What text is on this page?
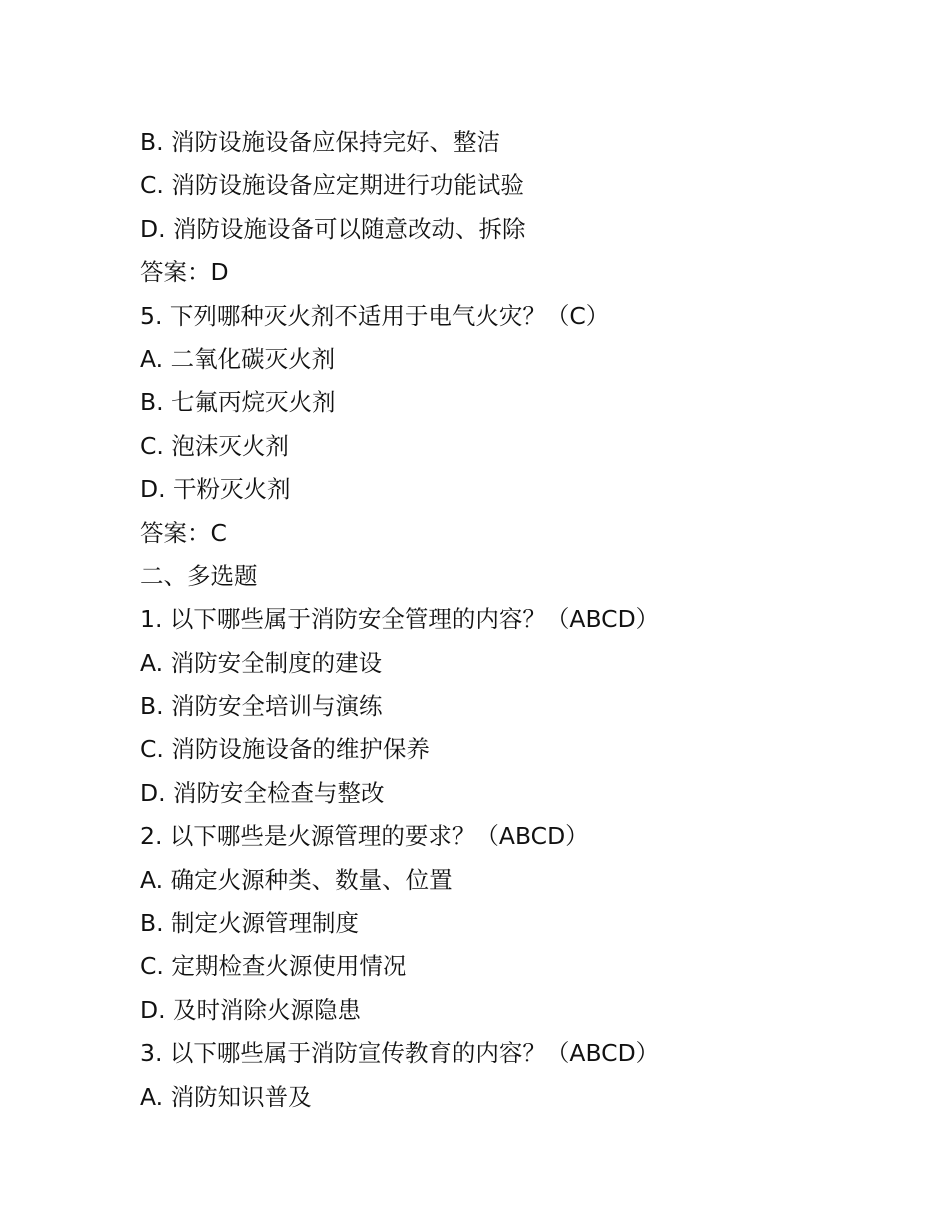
B. 消防设施设备应保持完好、整洁
C. 消防设施设备应定期进行功能试验
D. 消防设施设备可以随意改动、拆除
答案：D
5. 下列哪种灭火剂不适用于电气火灾？（C）
A. 二氧化碳灭火剂
B. 七氟丙烷灭火剂
C. 泡沫灭火剂
D. 干粉灭火剂
答案：C
二、多选题
1. 以下哪些属于消防安全管理的内容？（ABCD）
A. 消防安全制度的建设
B. 消防安全培训与演练
C. 消防设施设备的维护保养
D. 消防安全检查与整改
2. 以下哪些是火源管理的要求？（ABCD）
A. 确定火源种类、数量、位置
B. 制定火源管理制度
C. 定期检查火源使用情况
D. 及时消除火源隐患
3. 以下哪些属于消防宣传教育的内容？（ABCD）
A. 消防知识普及
